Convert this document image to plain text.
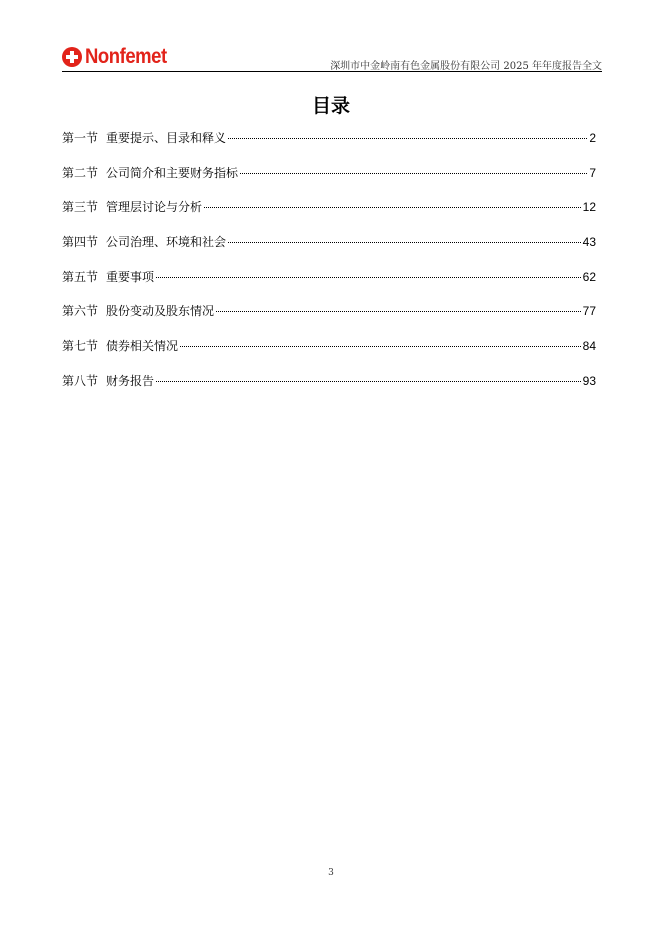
Nonfemet	深圳市中金岭南有色金属股份有限公司 2025 年年度报告全文
目录
第一节 重要提示、目录和释义	2
第二节 公司简介和主要财务指标	7
第三节 管理层讨论与分析	12
第四节 公司治理、环境和社会	43
第五节 重要事项	62
第六节 股份变动及股东情况	77
第七节 债券相关情况	84
第八节 财务报告	93
3
